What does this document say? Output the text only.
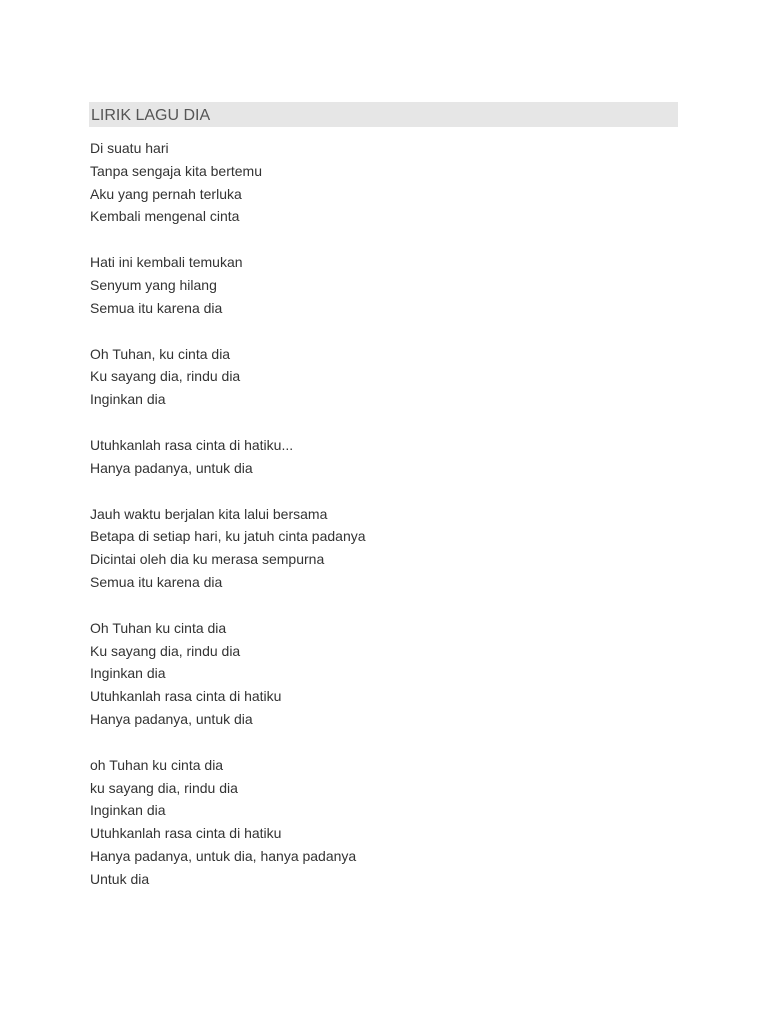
LIRIK LAGU DIA
Di suatu hari
Tanpa sengaja kita bertemu
Aku yang pernah terluka
Kembali mengenal cinta
Hati ini kembali temukan
Senyum yang hilang
Semua itu karena dia
Oh Tuhan, ku cinta dia
Ku sayang dia, rindu dia
Inginkan dia
Utuhkanlah rasa cinta di hatiku...
Hanya padanya, untuk dia
Jauh waktu berjalan kita lalui bersama
Betapa di setiap hari, ku jatuh cinta padanya
Dicintai oleh dia ku merasa sempurna
Semua itu karena dia
Oh Tuhan ku cinta dia
Ku sayang dia, rindu dia
Inginkan dia
Utuhkanlah rasa cinta di hatiku
Hanya padanya, untuk dia
oh Tuhan ku cinta dia
ku sayang dia, rindu dia
Inginkan dia
Utuhkanlah rasa cinta di hatiku
Hanya padanya, untuk dia, hanya padanya
Untuk dia
